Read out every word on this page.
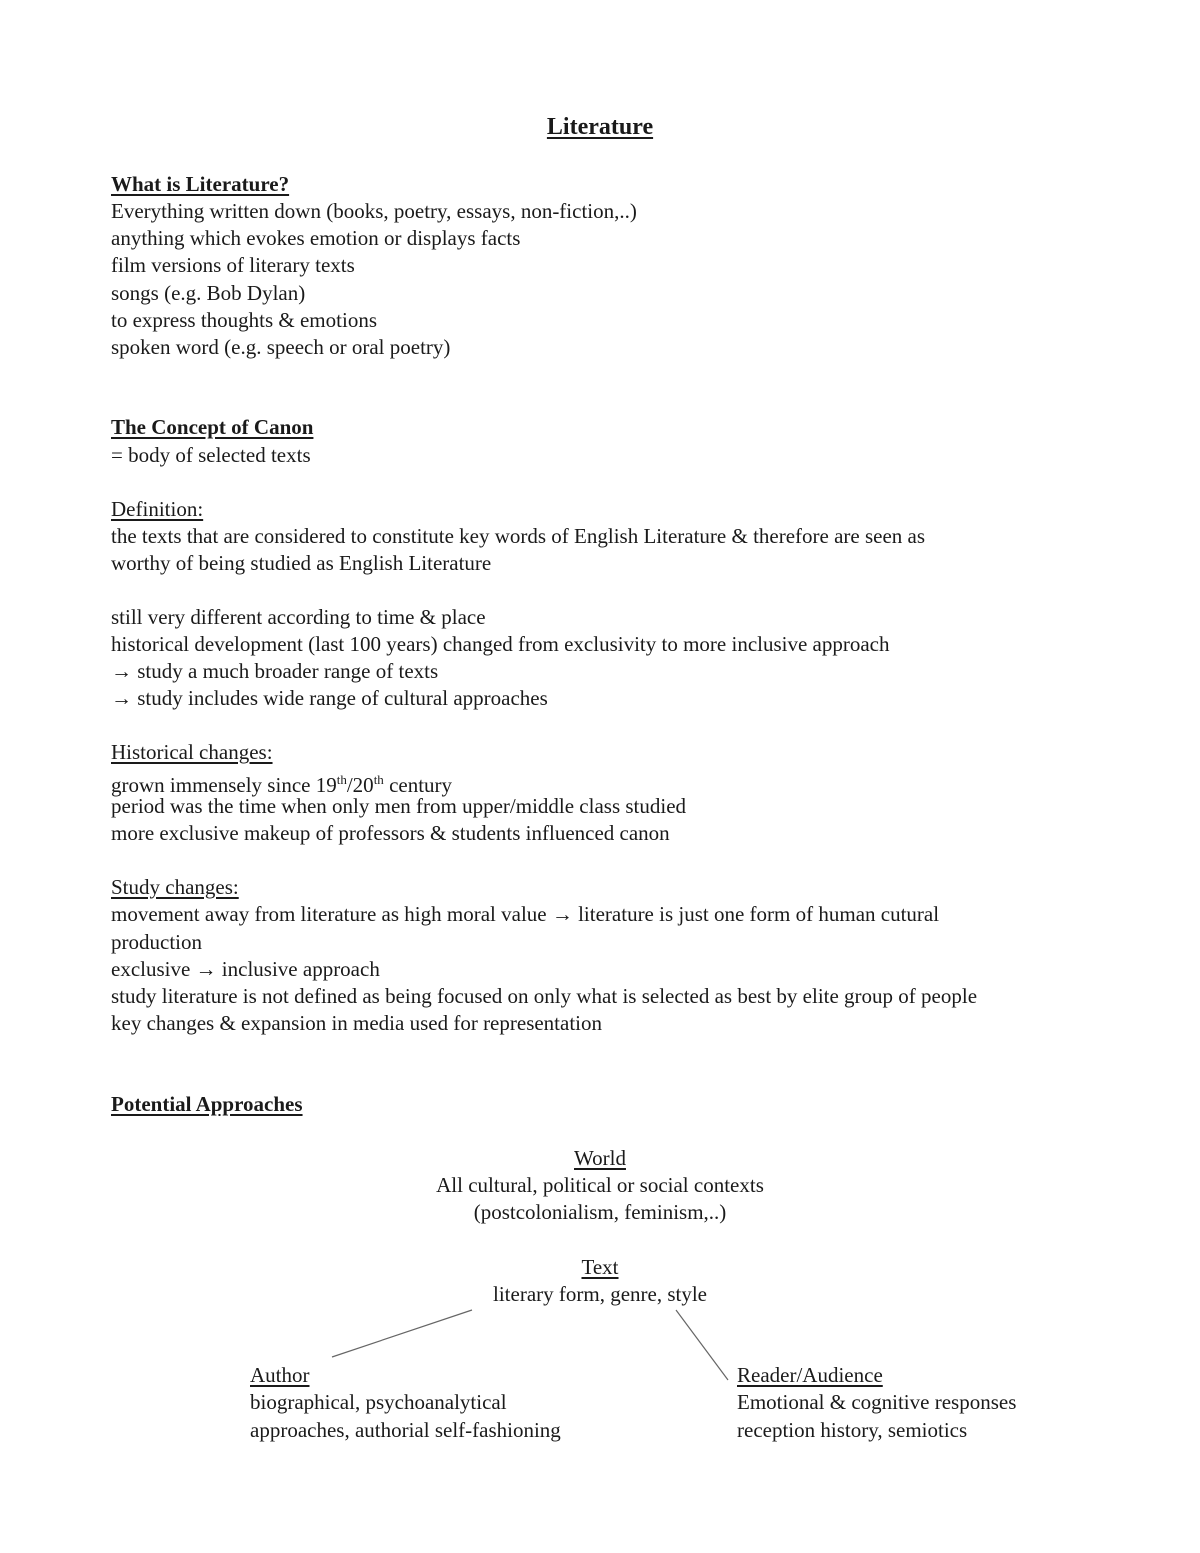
Literature
What is Literature?
Everything written down (books, poetry, essays, non-fiction,..)
anything which evokes emotion or displays facts
film versions of literary texts
songs (e.g. Bob Dylan)
to express thoughts & emotions
spoken word (e.g. speech or oral poetry)
The Concept of Canon
= body of selected texts
Definition:
the texts that are considered to constitute key words of English Literature & therefore are seen as
worthy of being studied as English Literature
still very different according to time & place
historical development (last 100 years) changed from exclusivity to more inclusive approach
→ study a much broader range of texts
→ study includes wide range of cultural approaches
Historical changes:
grown immensely since 19th/20th century
period was the time when only men from upper/middle class studied
more exclusive makeup of professors & students influenced canon
Study changes:
movement away from literature as high moral value → literature is just one form of human cutural
production
exclusive → inclusive approach
study literature is not defined as being focused on only what is selected as best by elite group of people
key changes & expansion in media used for representation
Potential Approaches
World
All cultural, political or social contexts
(postcolonialism, feminism,..)
Text
literary form, genre, style
Author
biographical, psychoanalytical
approaches, authorial self-fashioning
Reader/Audience
Emotional & cognitive responses
reception history, semiotics
